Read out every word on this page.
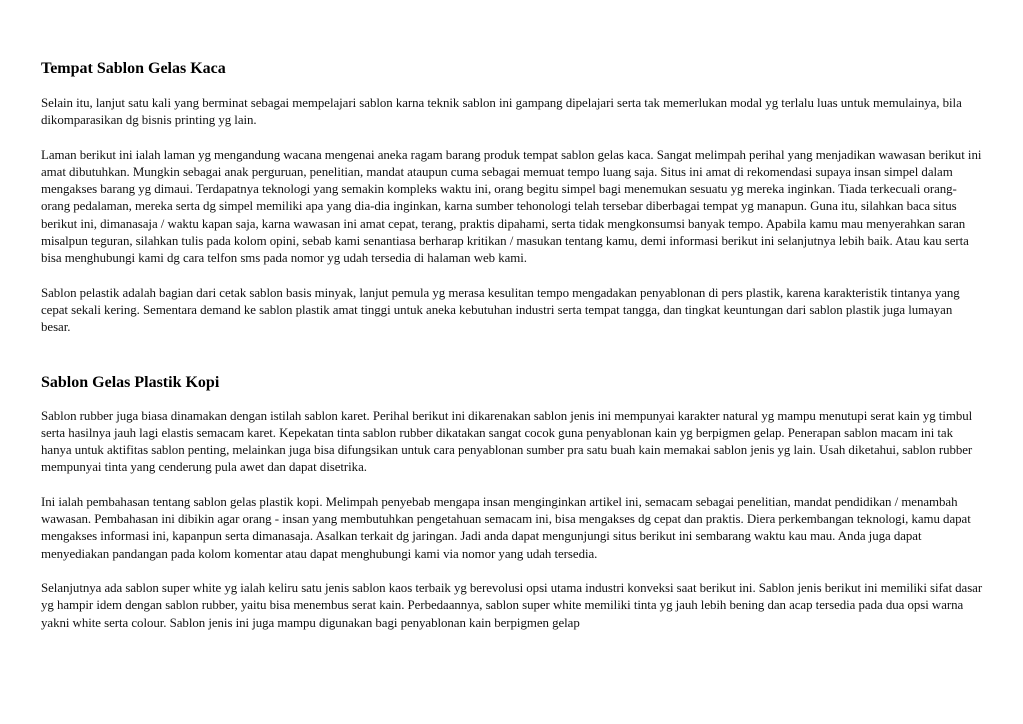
Tempat Sablon Gelas Kaca

Selain itu, lanjut satu kali yang berminat sebagai mempelajari sablon karna teknik sablon ini gampang dipelajari serta tak memerlukan modal yg terlalu luas untuk memulainya, bila dikomparasikan dg bisnis printing yg lain.

Laman berikut ini ialah laman yg mengandung wacana mengenai aneka ragam barang produk tempat sablon gelas kaca. Sangat melimpah perihal yang menjadikan wawasan berikut ini amat dibutuhkan. Mungkin sebagai anak perguruan, penelitian, mandat ataupun cuma sebagai memuat tempo luang saja. Situs ini amat di rekomendasi supaya insan simpel dalam mengakses barang yg dimaui. Terdapatnya teknologi yang semakin kompleks waktu ini, orang begitu simpel bagi menemukan sesuatu yg mereka inginkan. Tiada terkecuali orang-orang pedalaman, mereka serta dg simpel memiliki apa yang dia-dia inginkan, karna sumber tehonologi telah tersebar diberbagai tempat yg manapun. Guna itu, silahkan baca situs berikut ini, dimanasaja / waktu kapan saja, karna wawasan ini amat cepat, terang, praktis dipahami, serta tidak mengkonsumsi banyak tempo. Apabila kamu mau menyerahkan saran misalpun teguran, silahkan tulis pada kolom opini, sebab kami senantiasa berharap kritikan / masukan tentang kamu, demi informasi berikut ini selanjutnya lebih baik. Atau kau serta bisa menghubungi kami dg cara telfon sms pada nomor yg udah tersedia di halaman web kami.

Sablon pelastik adalah bagian dari cetak sablon basis minyak, lanjut pemula yg merasa kesulitan tempo mengadakan penyablonan di pers plastik, karena karakteristik tintanya yang cepat sekali kering. Sementara demand ke sablon plastik amat tinggi untuk aneka kebutuhan industri serta tempat tangga, dan tingkat keuntungan dari sablon plastik juga lumayan besar.

Sablon Gelas Plastik Kopi

Sablon rubber juga biasa dinamakan dengan istilah sablon karet. Perihal berikut ini dikarenakan sablon jenis ini mempunyai karakter natural yg mampu menutupi serat kain yg timbul serta hasilnya jauh lagi elastis semacam karet. Kepekatan tinta sablon rubber dikatakan sangat cocok guna penyablonan kain yg berpigmen gelap. Penerapan sablon macam ini tak hanya untuk aktifitas sablon penting, melainkan juga bisa difungsikan untuk cara penyablonan sumber pra satu buah kain memakai sablon jenis yg lain. Usah diketahui, sablon rubber mempunyai tinta yang cenderung pula awet dan dapat disetrika.

Ini ialah pembahasan tentang sablon gelas plastik kopi. Melimpah penyebab mengapa insan menginginkan artikel ini, semacam sebagai penelitian, mandat pendidikan / menambah wawasan. Pembahasan ini dibikin agar orang - insan yang membutuhkan pengetahuan semacam ini, bisa mengakses dg cepat dan praktis. Diera perkembangan teknologi, kamu dapat mengakses informasi ini, kapanpun serta dimanasaja. Asalkan terkait dg jaringan. Jadi anda dapat mengunjungi situs berikut ini sembarang waktu kau mau. Anda juga dapat menyediakan pandangan pada kolom komentar atau dapat menghubungi kami via nomor yang udah tersedia.

Selanjutnya ada sablon super white yg ialah keliru satu jenis sablon kaos terbaik yg berevolusi opsi utama industri konveksi saat berikut ini. Sablon jenis berikut ini memiliki sifat dasar yg hampir idem dengan sablon rubber, yaitu bisa menembus serat kain. Perbedaannya, sablon super white memiliki tinta yg jauh lebih bening dan acap tersedia pada dua opsi warna yakni white serta colour. Sablon jenis ini juga mampu digunakan bagi penyablonan kain berpigmen gelap
